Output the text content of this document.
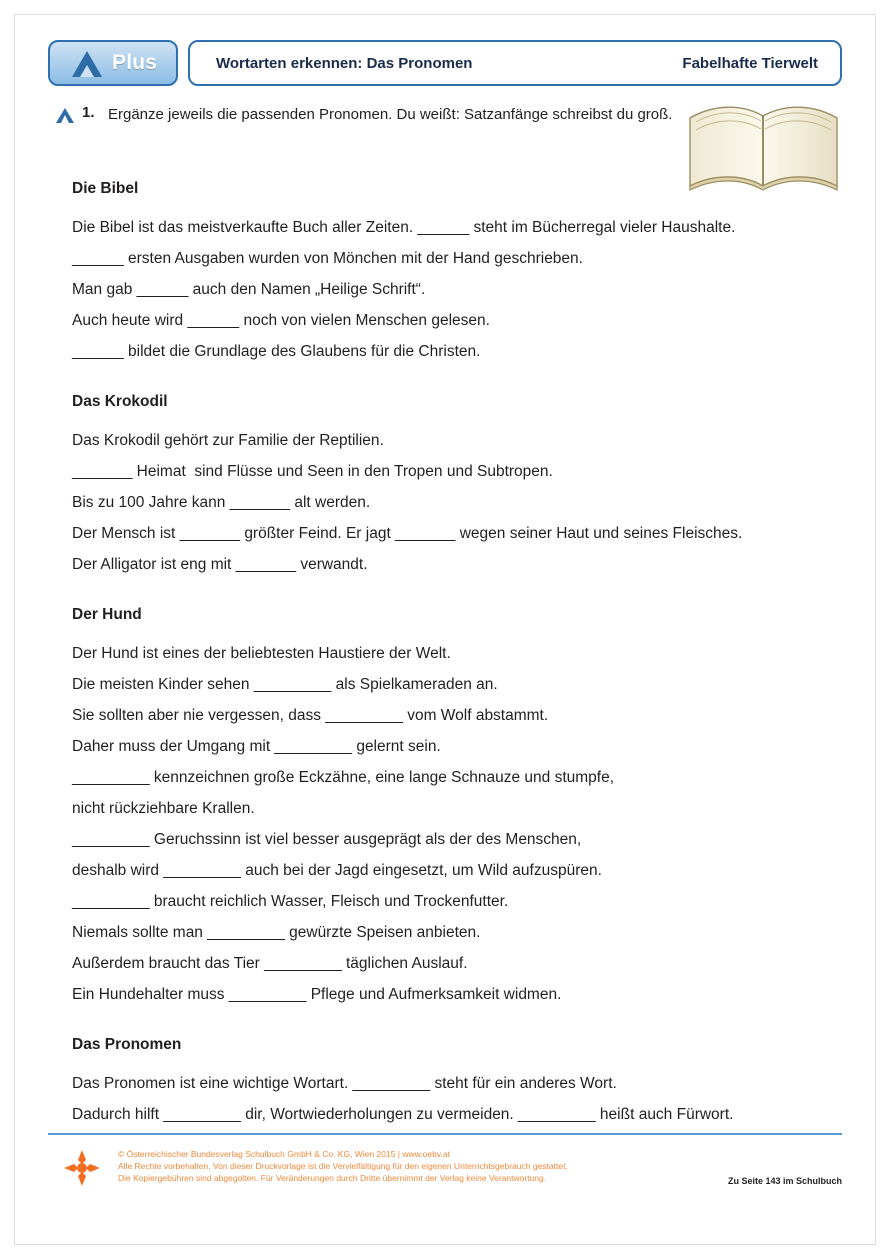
Plus	Wortarten erkennen: Das Pronomen	Fabelhafte Tierwelt
1. Ergänze jeweils die passenden Pronomen. Du weißt: Satzanfänge schreibst du groß.
Die Bibel
Die Bibel ist das meistverkaufte Buch aller Zeiten. ______ steht im Bücherregal vieler Haushalte.
______ ersten Ausgaben wurden von Mönchen mit der Hand geschrieben.
Man gab ______ auch den Namen „Heilige Schrift“.
Auch heute wird ______ noch von vielen Menschen gelesen.
______ bildet die Grundlage des Glaubens für die Christen.
Das Krokodil
Das Krokodil gehört zur Familie der Reptilien.
_______ Heimat  sind Flüsse und Seen in den Tropen und Subtropen.
Bis zu 100 Jahre kann _______ alt werden.
Der Mensch ist _______ größter Feind. Er jagt _______ wegen seiner Haut und seines Fleisches.
Der Alligator ist eng mit _______ verwandt.
Der Hund
Der Hund ist eines der beliebtesten Haustiere der Welt.
Die meisten Kinder sehen _________ als Spielkameraden an.
Sie sollten aber nie vergessen, dass _________ vom Wolf abstammt.
Daher muss der Umgang mit _________ gelernt sein.
_________ kennzeichnen große Eckzähne, eine lange Schnauze und stumpfe,
nicht rückziehbare Krallen.
_________ Geruchssinn ist viel besser ausgeprägt als der des Menschen,
deshalb wird _________ auch bei der Jagd eingesetzt, um Wild aufzuspüren.
_________ braucht reichlich Wasser, Fleisch und Trockenfutter.
Niemals sollte man _________ gewürzte Speisen anbieten.
Außerdem braucht das Tier _________ täglichen Auslauf.
Ein Hundehalter muss _________ Pflege und Aufmerksamkeit widmen.
Das Pronomen
Das Pronomen ist eine wichtige Wortart. _________ steht für ein anderes Wort.
Dadurch hilft _________ dir, Wortwiederholungen zu vermeiden. _________ heißt auch Fürwort.
© Österreichischer Bundesverlag Schulbuch GmbH & Co. KG, Wien 2015 | www.oebv.at
Alle Rechte vorbehalten. Von dieser Druckvorlage ist die Vervielfältigung für den eigenen Unterrichtsgebrauch gestattet.
Die Kopiergebühren sind abgegolten. Für Veränderungen durch Dritte übernimmt der Verlag keine Verantwortung.	Zu Seite 143 im Schulbuch
